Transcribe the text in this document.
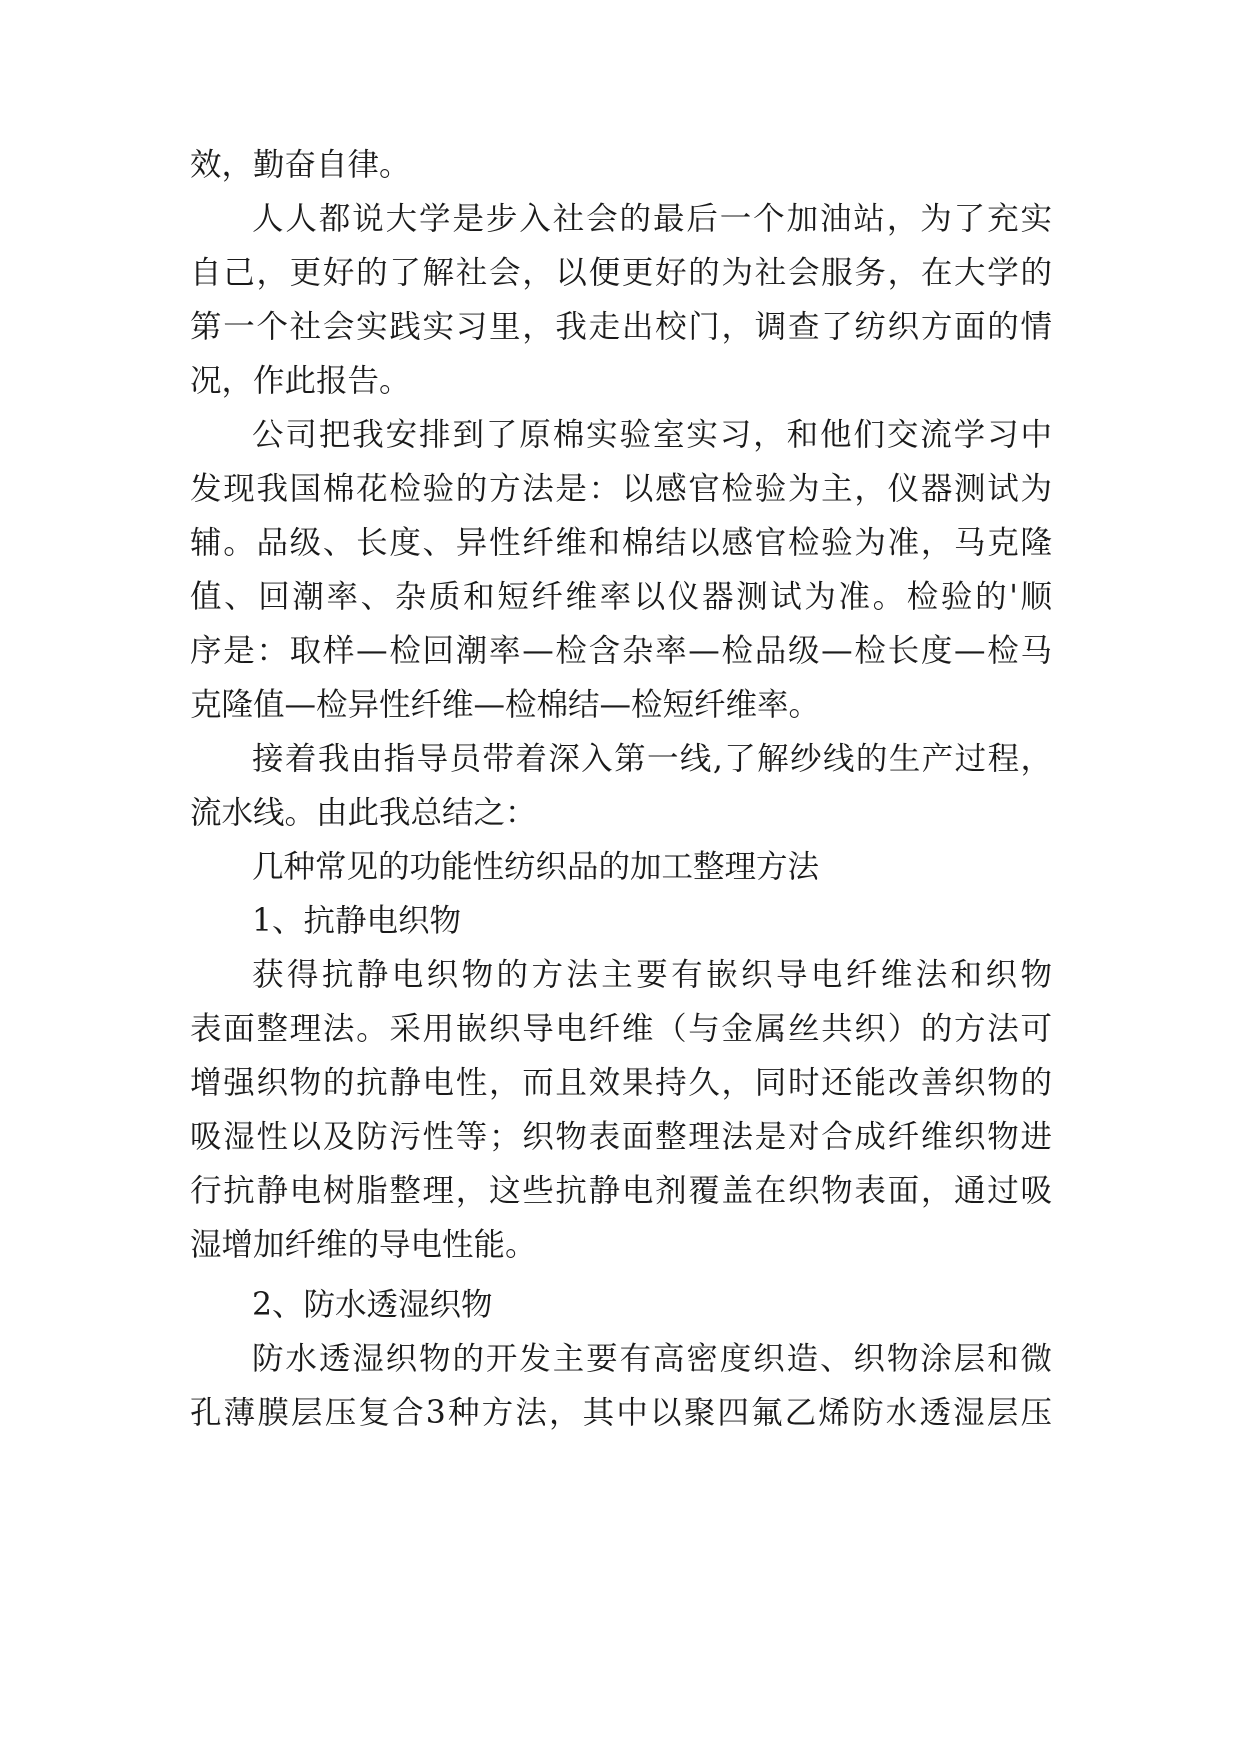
效，勤奋自律。
人人都说大学是步入社会的最后一个加油站，为了充实
自己，更好的了解社会，以便更好的为社会服务，在大学的
第一个社会实践实习里，我走出校门，调查了纺织方面的情
况，作此报告。
公司把我安排到了原棉实验室实习，和他们交流学习中
发现我国棉花检验的方法是：以感官检验为主，仪器测试为
辅。品级、长度、异性纤维和棉结以感官检验为准，马克隆
值、回潮率、杂质和短纤维率以仪器测试为准。检验的'顺
序是：取样—检回潮率—检含杂率—检品级—检长度—检马
克隆值—检异性纤维—检棉结—检短纤维率。
接着我由指导员带着深入第一线,了解纱线的生产过程，
流水线。由此我总结之：
几种常见的功能性纺织品的加工整理方法
1、抗静电织物
获得抗静电织物的方法主要有嵌织导电纤维法和织物
表面整理法。采用嵌织导电纤维（与金属丝共织）的方法可
增强织物的抗静电性，而且效果持久，同时还能改善织物的
吸湿性以及防污性等；织物表面整理法是对合成纤维织物进
行抗静电树脂整理，这些抗静电剂覆盖在织物表面，通过吸
湿增加纤维的导电性能。
2、防水透湿织物
防水透湿织物的开发主要有高密度织造、织物涂层和微
孔薄膜层压复合3种方法，其中以聚四氟乙烯防水透湿层压
